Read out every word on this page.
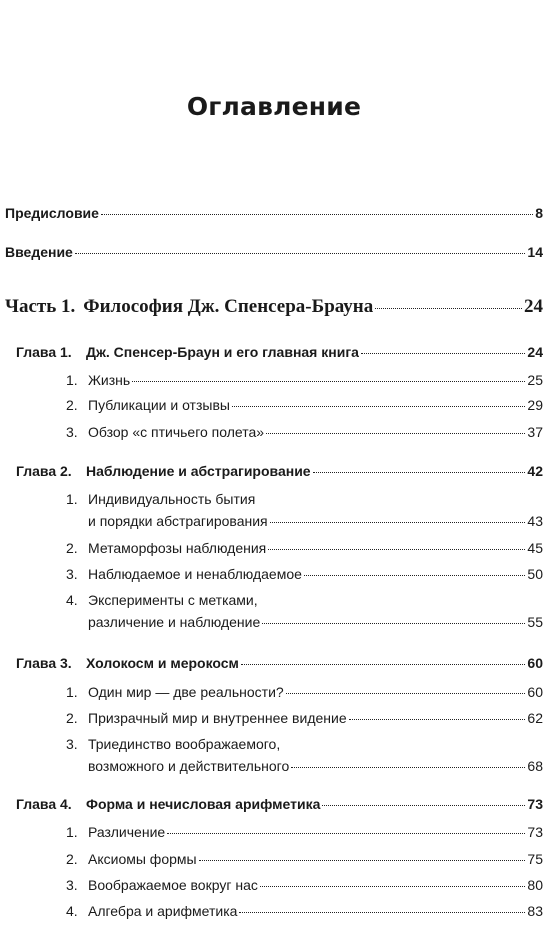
Оглавление
Предисловие	8
Введение	14
Часть 1. Философия Дж. Спенсера-Брауна	24
Глава 1.	Дж. Спенсер-Браун и его главная книга	24
1. Жизнь	25
2. Публикации и отзывы	29
3. Обзор «с птичьего полета»	37
Глава 2.	Наблюдение и абстрагирование	42
1. Индивидуальность бытия
и порядки абстрагирования	43
2. Метаморфозы наблюдения	45
3. Наблюдаемое и ненаблюдаемое	50
4. Эксперименты с метками,
различение и наблюдение	55
Глава 3.	Холокосм и мерокосм	60
1. Один мир — две реальности?	60
2. Призрачный мир и внутреннее видение	62
3. Триединство воображаемого,
возможного и действительного	68
Глава 4.	Форма и нечисловая арифметика	73
1. Различение	73
2. Аксиомы формы	75
3. Воображаемое вокруг нас	80
4. Алгебра и арифметика	83
